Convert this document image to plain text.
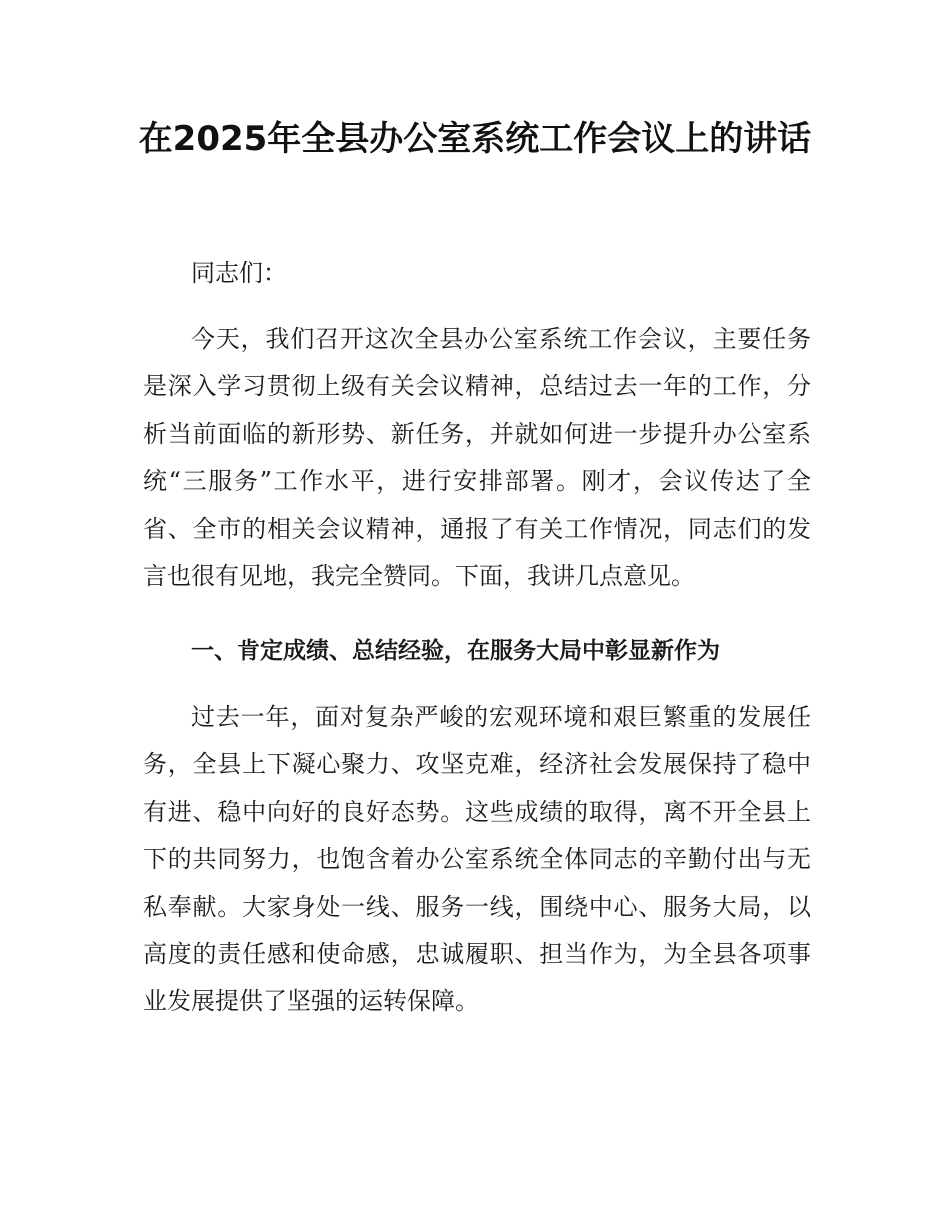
在2025年全县办公室系统工作会议上的讲话
同志们：
今天，我们召开这次全县办公室系统工作会议，主要任务是深入学习贯彻上级有关会议精神，总结过去一年的工作，分析当前面临的新形势、新任务，并就如何进一步提升办公室系统“三服务”工作水平，进行安排部署。刚才，会议传达了全省、全市的相关会议精神，通报了有关工作情况，同志们的发言也很有见地，我完全赞同。下面，我讲几点意见。
一、肯定成绩、总结经验，在服务大局中彰显新作为
过去一年，面对复杂严峻的宏观环境和艰巨繁重的发展任务，全县上下凝心聚力、攻坚克难，经济社会发展保持了稳中有进、稳中向好的良好态势。这些成绩的取得，离不开全县上下的共同努力，也饱含着办公室系统全体同志的辛勤付出与无私奉献。大家身处一线、服务一线，围绕中心、服务大局，以高度的责任感和使命感，忠诚履职、担当作为，为全县各项事业发展提供了坚强的运转保障。
